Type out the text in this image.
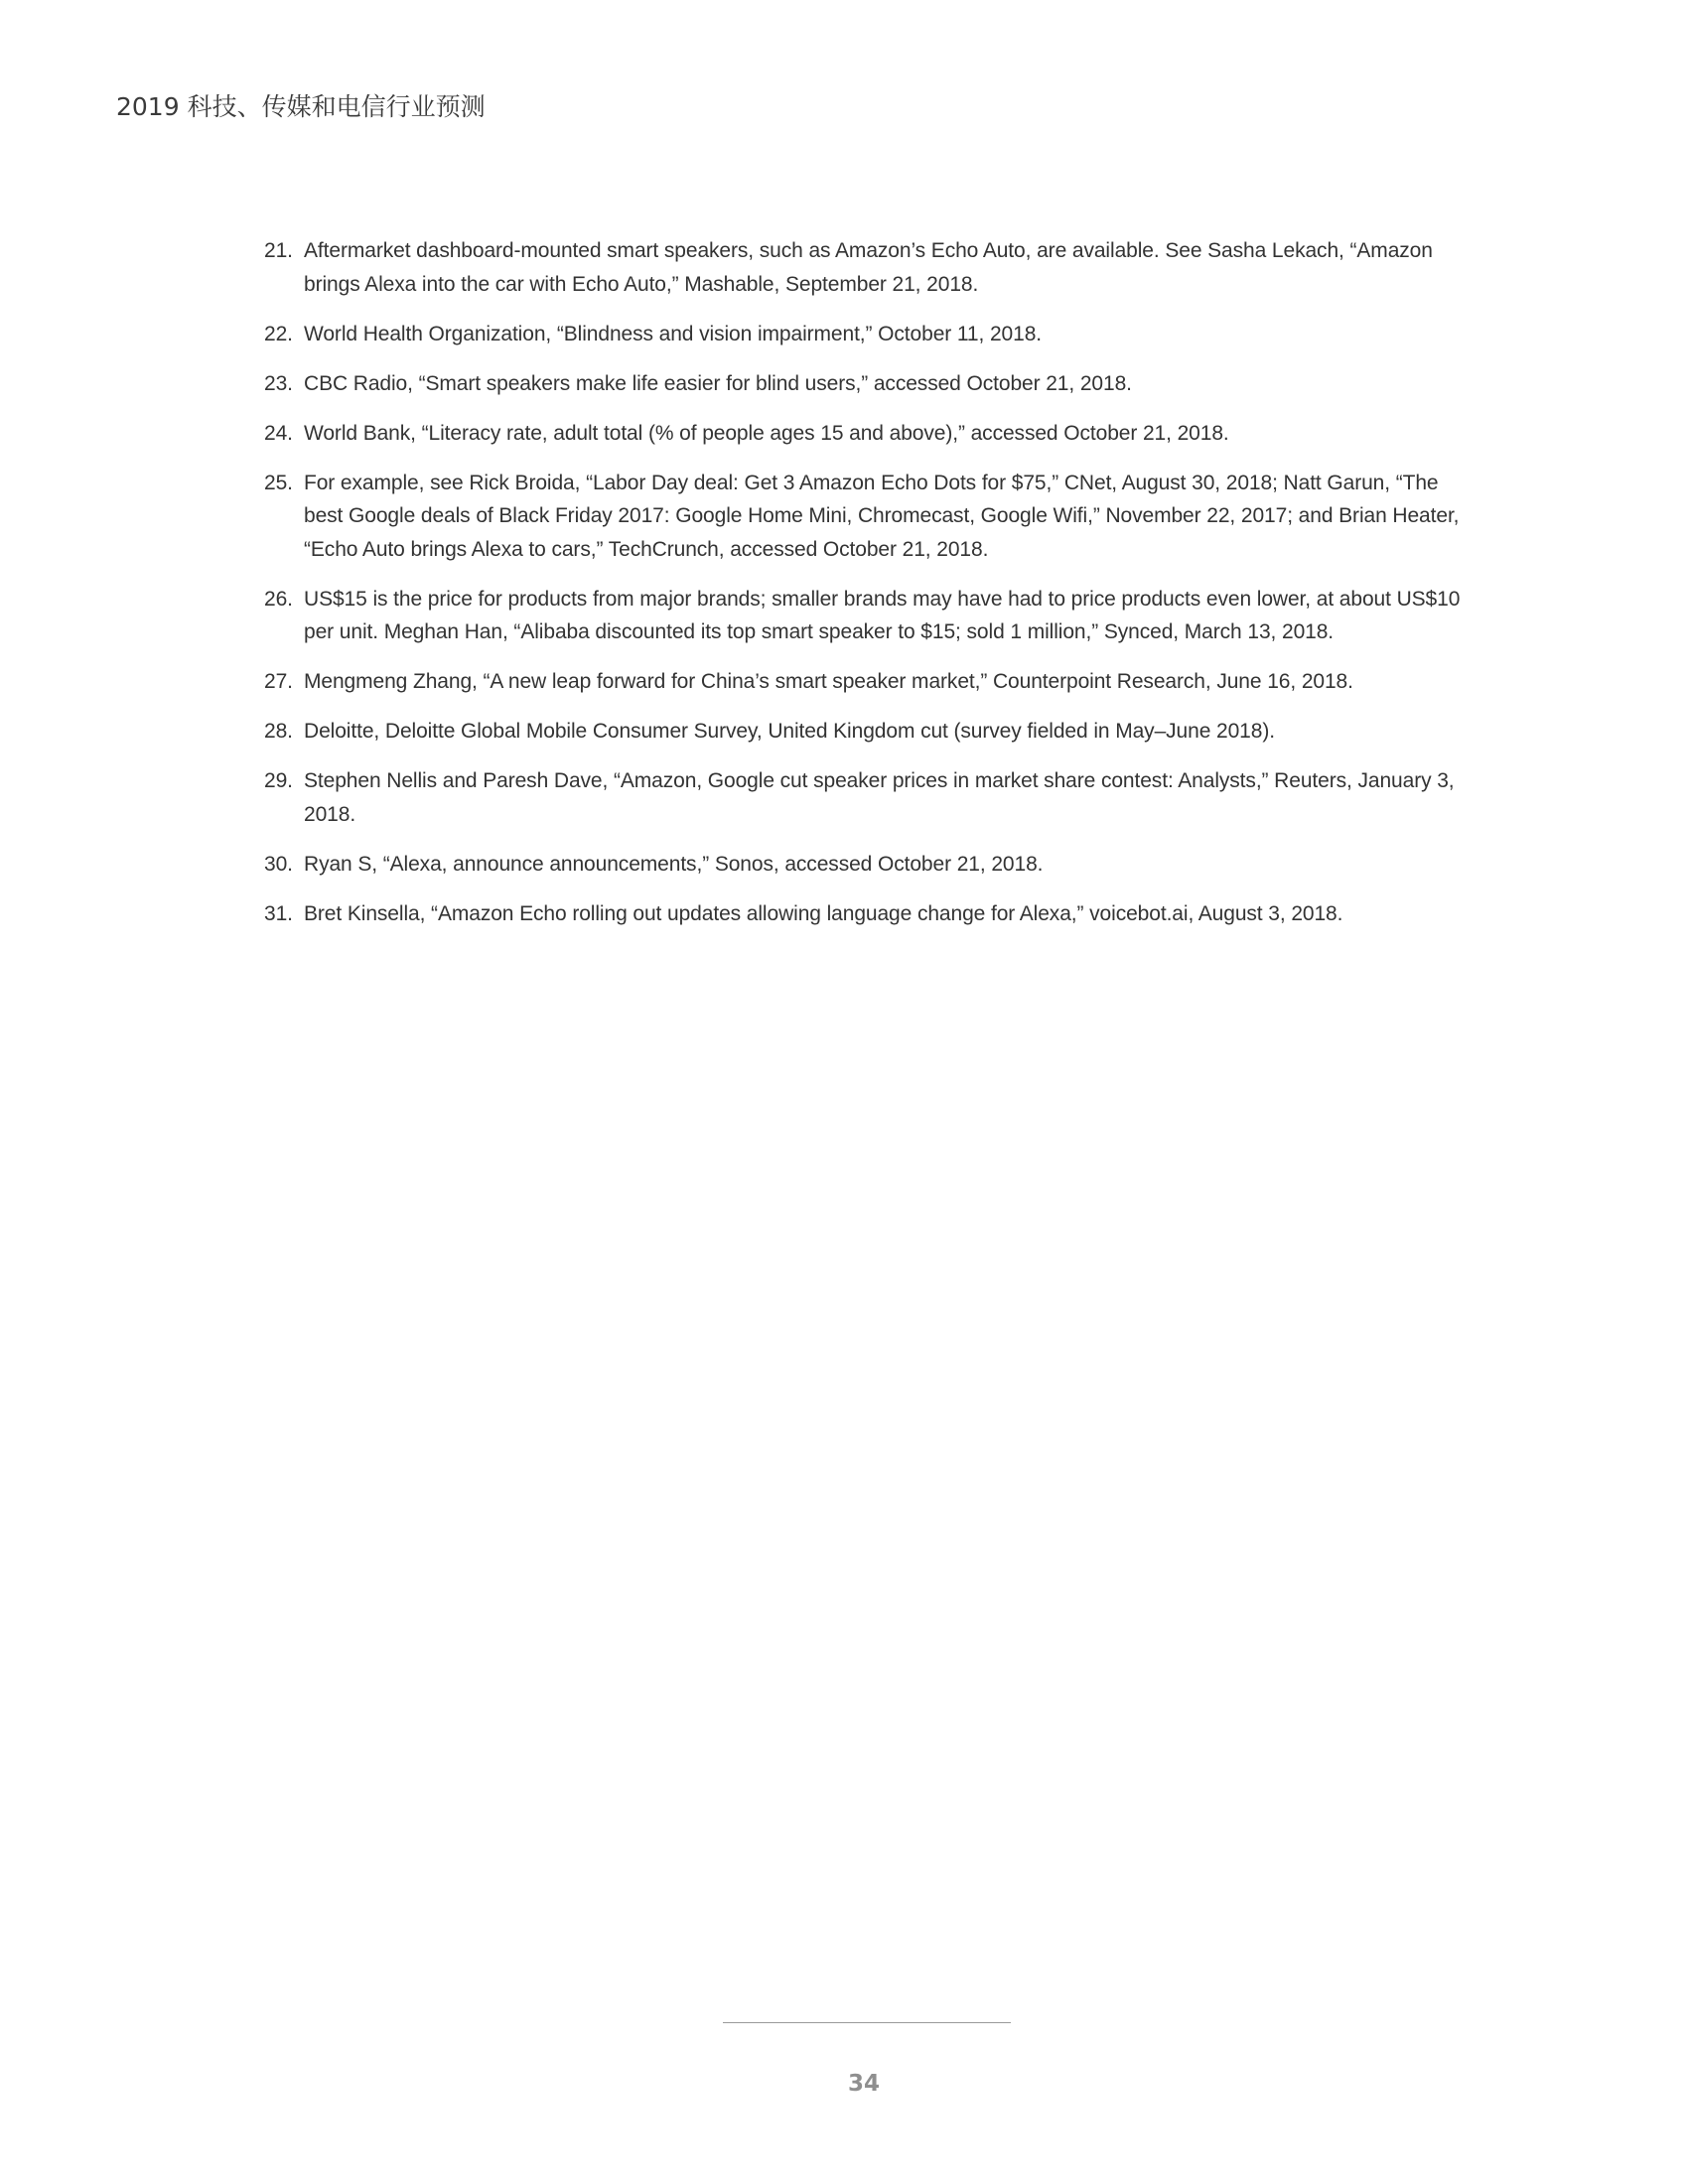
2019 科技、传媒和电信行业预测
21. Aftermarket dashboard-mounted smart speakers, such as Amazon’s Echo Auto, are available. See Sasha Lekach, “Amazon brings Alexa into the car with Echo Auto,” Mashable, September 21, 2018.
22. World Health Organization, “Blindness and vision impairment,” October 11, 2018.
23. CBC Radio, “Smart speakers make life easier for blind users,” accessed October 21, 2018.
24. World Bank, “Literacy rate, adult total (% of people ages 15 and above),” accessed October 21, 2018.
25. For example, see Rick Broida, “Labor Day deal: Get 3 Amazon Echo Dots for $75,” CNet, August 30, 2018; Natt Garun, “The best Google deals of Black Friday 2017: Google Home Mini, Chromecast, Google Wifi,” November 22, 2017; and Brian Heater, “Echo Auto brings Alexa to cars,” TechCrunch, accessed October 21, 2018.
26. US$15 is the price for products from major brands; smaller brands may have had to price products even lower, at about US$10 per unit. Meghan Han, “Alibaba discounted its top smart speaker to $15; sold 1 million,” Synced, March 13, 2018.
27. Mengmeng Zhang, “A new leap forward for China’s smart speaker market,” Counterpoint Research, June 16, 2018.
28. Deloitte, Deloitte Global Mobile Consumer Survey, United Kingdom cut (survey fielded in May–June 2018).
29. Stephen Nellis and Paresh Dave, “Amazon, Google cut speaker prices in market share contest: Analysts,” Reuters, January 3, 2018.
30. Ryan S, “Alexa, announce announcements,” Sonos, accessed October 21, 2018.
31. Bret Kinsella, “Amazon Echo rolling out updates allowing language change for Alexa,” voicebot.ai, August 3, 2018.
34
